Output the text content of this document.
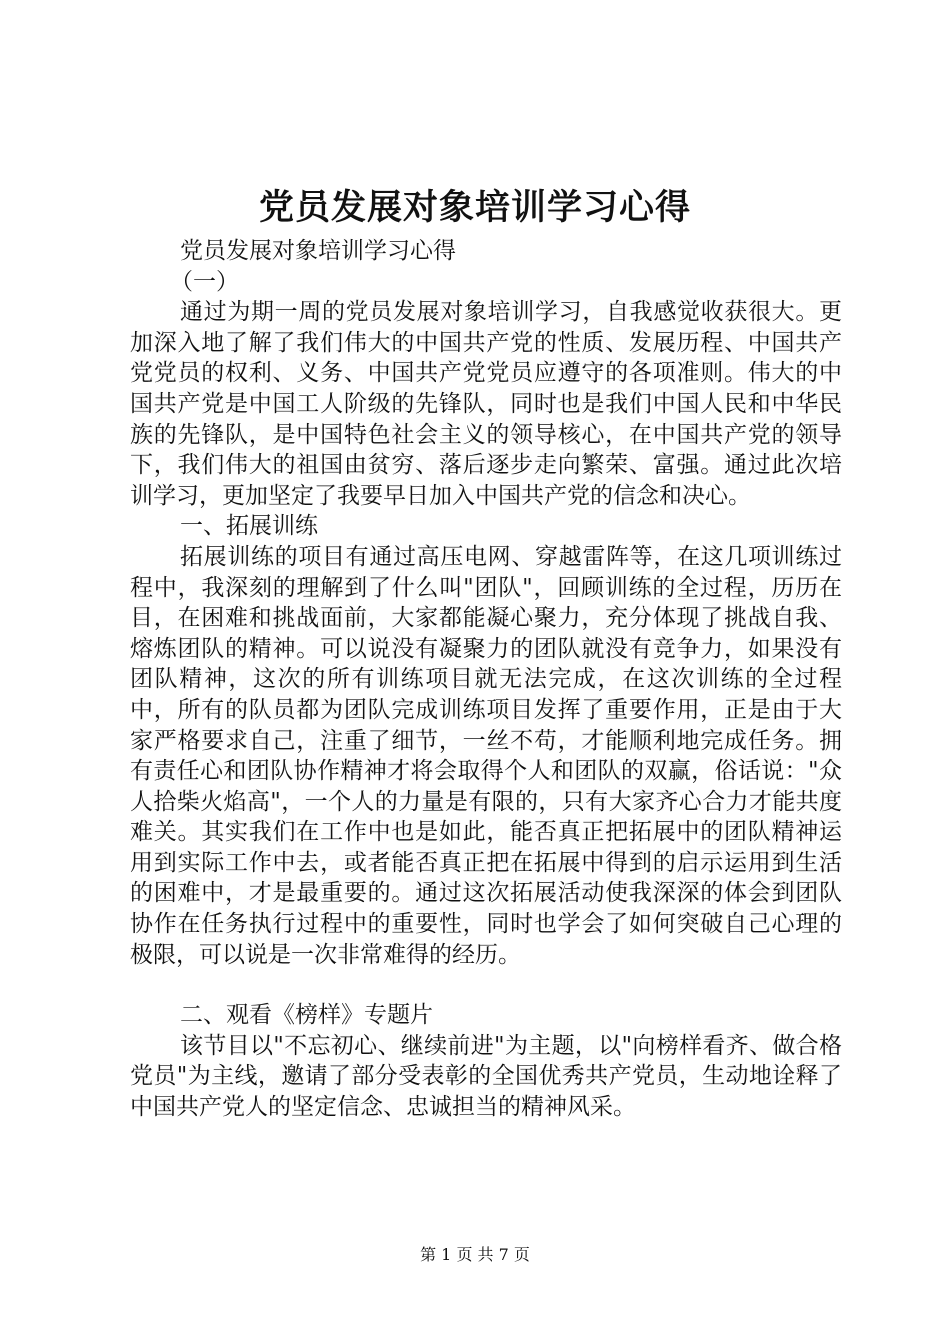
党员发展对象培训学习心得

党员发展对象培训学习心得

（一）

通过为期一周的党员发展对象培训学习，自我感觉收获很大。更加深入地了解了我们伟大的中国共产党的性质、发展历程、中国共产党党员的权利、义务、中国共产党党员应遵守的各项准则。伟大的中国共产党是中国工人阶级的先锋队，同时也是我们中国人民和中华民族的先锋队，是中国特色社会主义的领导核心，在中国共产党的领导下，我们伟大的祖国由贫穷、落后逐步走向繁荣、富强。通过此次培训学习，更加坚定了我要早日加入中国共产党的信念和决心。

一、拓展训练

拓展训练的项目有通过高压电网、穿越雷阵等，在这几项训练过程中，我深刻的理解到了什么叫"团队"，回顾训练的全过程，历历在目，在困难和挑战面前，大家都能凝心聚力，充分体现了挑战自我、熔炼团队的精神。可以说没有凝聚力的团队就没有竞争力，如果没有团队精神，这次的所有训练项目就无法完成，在这次训练的全过程中，所有的队员都为团队完成训练项目发挥了重要作用，正是由于大家严格要求自己，注重了细节，一丝不苟，才能顺利地完成任务。拥有责任心和团队协作精神才将会取得个人和团队的双赢，俗话说："众人拾柴火焰高"，一个人的力量是有限的，只有大家齐心合力才能共度难关。其实我们在工作中也是如此，能否真正把拓展中的团队精神运用到实际工作中去，或者能否真正把在拓展中得到的启示运用到生活的困难中，才是最重要的。通过这次拓展活动使我深深的体会到团队协作在任务执行过程中的重要性，同时也学会了如何突破自己心理的极限，可以说是一次非常难得的经历。

二、观看《榜样》专题片

该节目以"不忘初心、继续前进"为主题，以"向榜样看齐、做合格党员"为主线，邀请了部分受表彰的全国优秀共产党员，生动地诠释了中国共产党人的坚定信念、忠诚担当的精神风采。

第 1 页 共 7 页
